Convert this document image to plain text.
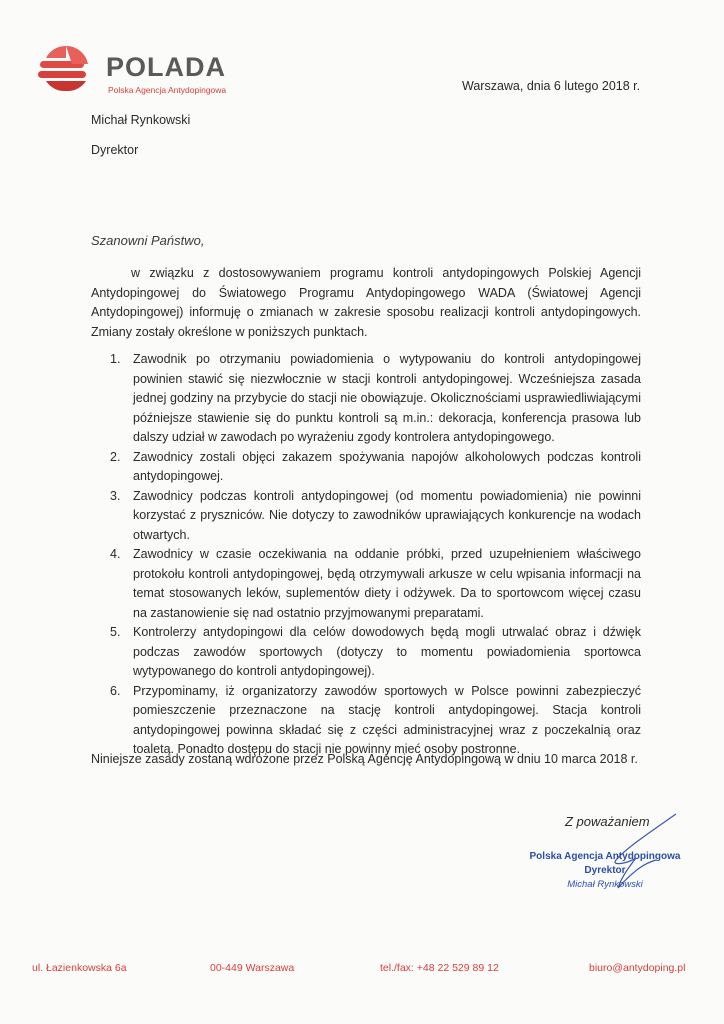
POLADA
Polska Agencja Antydopingowa	Warszawa, dnia 6 lutego 2018 r.
Michał Rynkowski
Dyrektor
Szanowni Państwo,

w związku z dostosowywaniem programu kontroli antydopingowych Polskiej Agencji Antydopingowej do Światowego Programu Antydopingowego WADA (Światowej Agencji Antydopingowej) informuję o zmianach w zakresie sposobu realizacji kontroli antydopingowych. Zmiany zostały określone w poniższych punktach.

1. Zawodnik po otrzymaniu powiadomienia o wytypowaniu do kontroli antydopingowej powinien stawić się niezwłocznie w stacji kontroli antydopingowej. Wcześniejsza zasada jednej godziny na przybycie do stacji nie obowiązuje. Okolicznościami usprawiedliwiającymi późniejsze stawienie się do punktu kontroli są m.in.: dekoracja, konferencja prasowa lub dalszy udział w zawodach po wyrażeniu zgody kontrolera antydopingowego.
2. Zawodnicy zostali objęci zakazem spożywania napojów alkoholowych podczas kontroli antydopingowej.
3. Zawodnicy podczas kontroli antydopingowej (od momentu powiadomienia) nie powinni korzystać z pryszniców. Nie dotyczy to zawodników uprawiających konkurencje na wodach otwartych.
4. Zawodnicy w czasie oczekiwania na oddanie próbki, przed uzupełnieniem właściwego protokołu kontroli antydopingowej, będą otrzymywali arkusze w celu wpisania informacji na temat stosowanych leków, suplementów diety i odżywek. Da to sportowcom więcej czasu na zastanowienie się nad ostatnio przyjmowanymi preparatami.
5. Kontrolerzy antydopingowi dla celów dowodowych będą mogli utrwalać obraz i dźwięk podczas zawodów sportowych (dotyczy to momentu powiadomienia sportowca wytypowanego do kontroli antydopingowej).
6. Przypominamy, iż organizatorzy zawodów sportowych w Polsce powinni zabezpieczyć pomieszczenie przeznaczone na stację kontroli antydopingowej. Stacja kontroli antydopingowej powinna składać się z części administracyjnej wraz z poczekalnią oraz toaletą. Ponadto dostępu do stacji nie powinny mieć osoby postronne.
Niniejsze zasady zostaną wdrożone przez Polską Agencję Antydopingową w dniu 10 marca 2018 r.
Z poważaniem
Polska Agencja Antydopingowa
Dyrektor
Michał Rynkowski
ul. Łazienkowska 6a	00-449 Warszawa	tel./fax: +48 22 529 89 12	biuro@antydoping.pl
